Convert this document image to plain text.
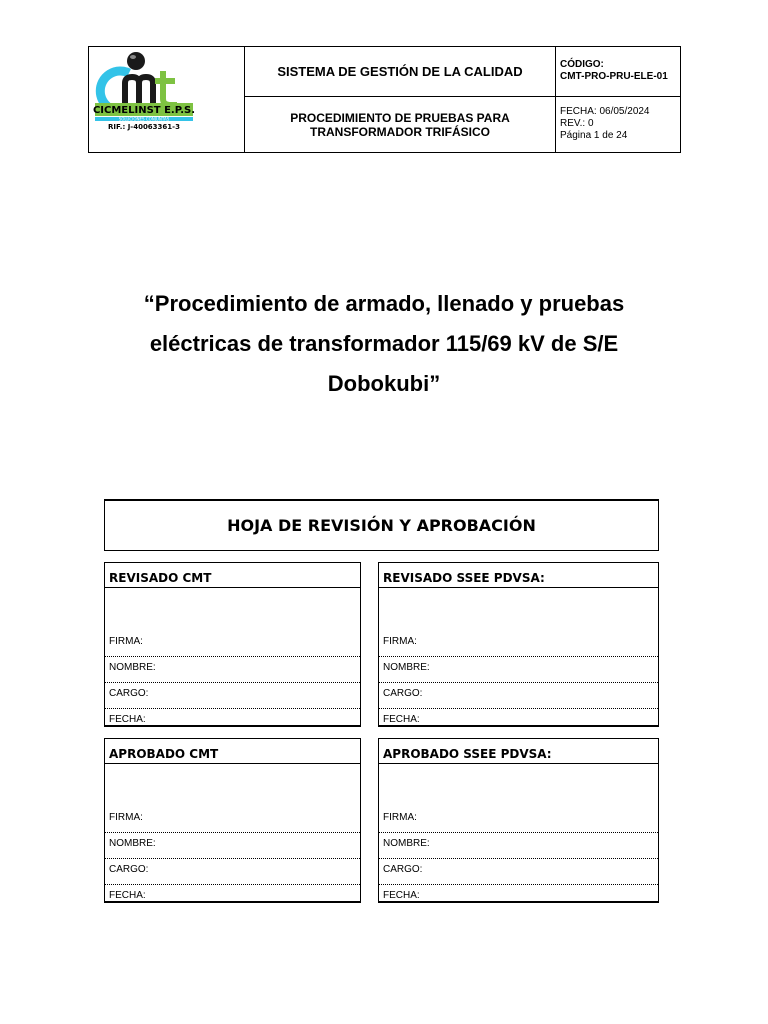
CICMELINST E.P.S.
SOLUCIONES CONJUNTAS
RIF.: J-40063361-3
SISTEMA DE GESTIÓN DE LA CALIDAD
PROCEDIMIENTO DE PRUEBAS PARA
TRANSFORMADOR TRIFÁSICO
CÓDIGO:
CMT-PRO-PRU-ELE-01
FECHA: 06/05/2024
REV.: 0
Página 1 de 24
“Procedimiento de armado, llenado y pruebas
eléctricas de transformador 115/69 kV de S/E
Dobokubi”
HOJA DE REVISIÓN Y APROBACIÓN
REVISADO CMT
FIRMA:
NOMBRE:
CARGO:
FECHA:
REVISADO SSEE PDVSA:
FIRMA:
NOMBRE:
CARGO:
FECHA:
APROBADO CMT
FIRMA:
NOMBRE:
CARGO:
FECHA:
APROBADO SSEE PDVSA:
FIRMA:
NOMBRE:
CARGO:
FECHA:
